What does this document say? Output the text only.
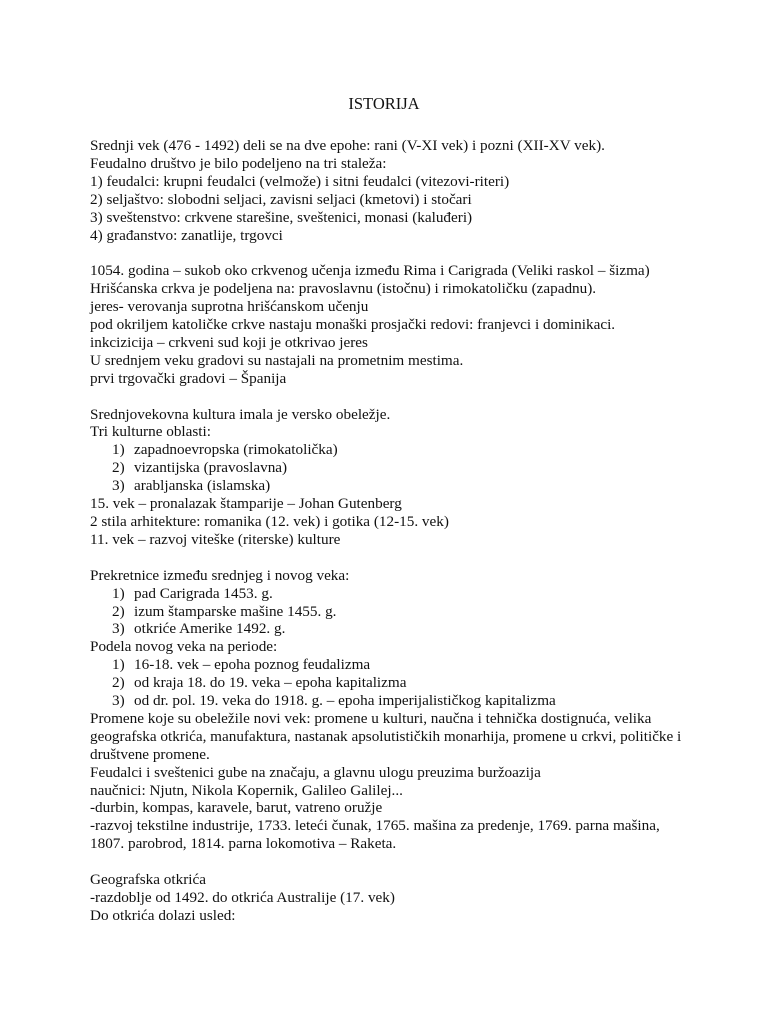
ISTORIJA
Srednji vek (476 - 1492) deli se na dve epohe: rani (V-XI vek) i pozni (XII-XV vek).
Feudalno društvo je bilo podeljeno na tri staleža:
1) feudalci: krupni feudalci (velmože) i sitni feudalci (vitezovi-riteri)
2) seljaštvo: slobodni seljaci, zavisni seljaci (kmetovi) i stočari
3) sveštenstvo: crkvene starešine, sveštenici, monasi (kaluđeri)
4) građanstvo: zanatlije, trgovci
1054. godina – sukob oko crkvenog učenja između Rima i Carigrada (Veliki raskol – šizma)
Hrišćanska crkva je podeljena na: pravoslavnu (istočnu) i rimokatoličku (zapadnu).
jeres- verovanja suprotna hrišćanskom učenju
pod okriljem katoličke crkve nastaju monaški prosjački redovi: franjevci i dominikaci.
inkcizicija – crkveni sud koji je otkrivao jeres
U srednjem veku gradovi su nastajali na prometnim mestima.
prvi trgovački gradovi – Španija
Srednjovekovna kultura imala je versko obeležje.
Tri kulturne oblasti:
1) zapadnoevropska (rimokatolička)
2) vizantijska (pravoslavna)
3) arabljanska (islamska)
15. vek – pronalazak štamparije – Johan Gutenberg
2 stila arhitekture: romanika (12. vek) i gotika (12-15. vek)
11. vek – razvoj viteške (riterske) kulture
Prekretnice između srednjeg i novog veka:
1) pad Carigrada 1453. g.
2) izum štamparske mašine 1455. g.
3) otkriće Amerike 1492. g.
Podela novog veka na periode:
1) 16-18. vek – epoha poznog feudalizma
2) od kraja 18. do 19. veka – epoha kapitalizma
3) od dr. pol. 19. veka do 1918. g. – epoha imperijalističkog kapitalizma
Promene koje su obeležile novi vek: promene u kulturi, naučna i tehnička dostignuća, velika geografska otkrića, manufaktura, nastanak apsolutističkih monarhija, promene u crkvi, političke i društvene promene.
Feudalci i sveštenici gube na značaju, a glavnu ulogu preuzima buržoazija
naučnici: Njutn, Nikola Kopernik, Galileo Galilej...
-durbin, kompas, karavele, barut, vatreno oružje
-razvoj tekstilne industrije, 1733. leteći čunak, 1765. mašina za predenje, 1769. parna mašina, 1807. parobrod, 1814. parna lokomotiva – Raketa.
Geografska otkrića
-razdoblje od 1492. do otkrića Australije (17. vek)
Do otkrića dolazi usled:
